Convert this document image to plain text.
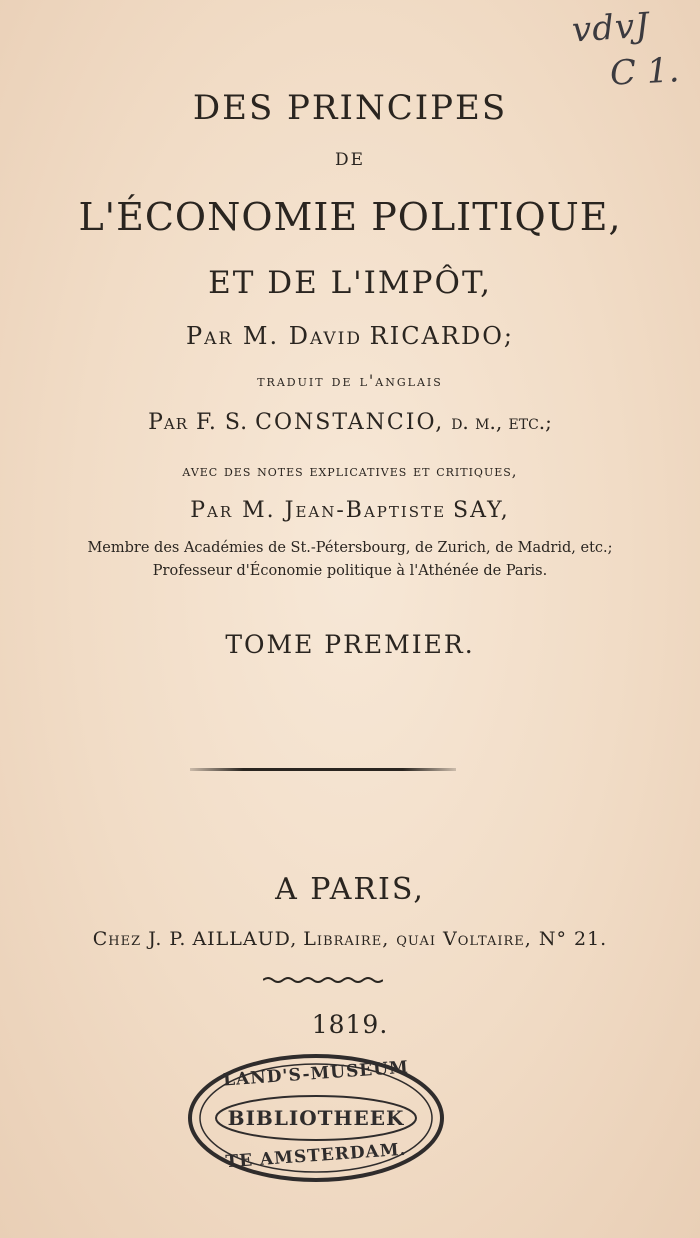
vdvJ
C 1.
DES PRINCIPES
DE
L'ÉCONOMIE POLITIQUE,
ET DE L'IMPÔT,
Par M. David RICARDO;
traduit de l'anglais
Par F. S. CONSTANCIO, d. m., etc.;
avec des notes explicatives et critiques,
Par M. Jean-Baptiste SAY,
Membre des Académies de St.-Pétersbourg, de Zurich, de Madrid, etc.;
Professeur d'Économie politique à l'Athénée de Paris.
TOME PREMIER.
A PARIS,
Chez J. P. AILLAUD, Libraire, quai Voltaire, N° 21.
1819.
LAND'S-MUSEUM
BIBLIOTHEEK
TE AMSTERDAM.
